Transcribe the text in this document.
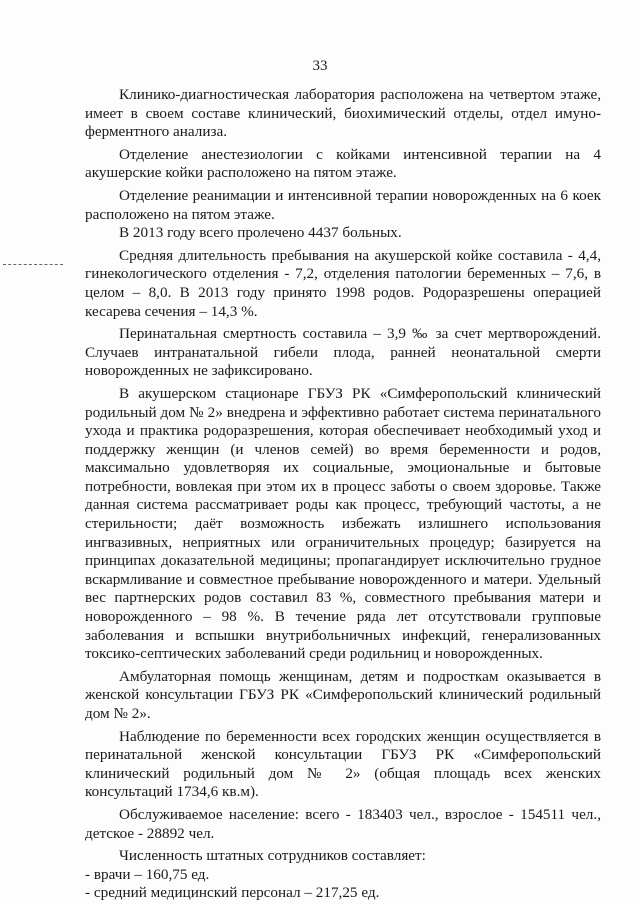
33

Клинико-диагностическая лаборатория расположена на четвертом этаже, имеет в своем составе клинический, биохимический отделы, отдел имуно-ферментного анализа.

Отделение анестезиологии с койками интенсивной терапии на 4 акушерские койки расположено на пятом этаже.

Отделение реанимации и интенсивной терапии новорожденных на 6 коек расположено на пятом этаже.

В 2013 году всего пролечено 4437 больных.

Средняя длительность пребывания на акушерской койке составила - 4,4, гинекологического отделения - 7,2, отделения патологии беременных – 7,6, в целом – 8,0. В 2013 году принято 1998 родов. Родоразрешены операцией кесарева сечения – 14,3 %.

Перинатальная смертность составила – 3,9 ‰ за счет мертворождений. Случаев интранатальной гибели плода, ранней неонатальной смерти новорожденных не зафиксировано.

В акушерском стационаре ГБУЗ РК «Симферопольский клинический родильный дом № 2» внедрена и эффективно работает система перинатального ухода и практика родоразрешения, которая обеспечивает необходимый уход и поддержку женщин (и членов семей) во время беременности и родов, максимально удовлетворяя их социальные, эмоциональные и бытовые потребности, вовлекая при этом их в процесс заботы о своем здоровье. Также данная система рассматривает роды как процесс, требующий частоты, а не стерильности; даёт возможность избежать излишнего использования ингвазивных, неприятных или ограничительных процедур; базируется на принципах доказательной медицины; пропагандирует исключительно грудное вскармливание и совместное пребывание новорожденного и матери. Удельный вес партнерских родов составил 83 %, совместного пребывания матери и новорожденного – 98 %. В течение ряда лет отсутствовали групповые заболевания и вспышки внутрибольничных инфекций, генерализованных токсико-септических заболеваний среди родильниц и новорожденных.

Амбулаторная помощь женщинам, детям и подросткам оказывается в женской консультации ГБУЗ РК «Симферопольский клинический родильный дом № 2».

Наблюдение по беременности всех городских женщин осуществляется в перинатальной женской консультации ГБУЗ РК «Симферопольский клинический родильный дом № 2» (общая площадь всех женских консультаций 1734,6 кв.м).

Обслуживаемое население: всего - 183403 чел., взрослое - 154511 чел., детское - 28892 чел.

Численность штатных сотрудников составляет:

- врачи – 160,75 ед.

- средний медицинский персонал – 217,25 ед.
